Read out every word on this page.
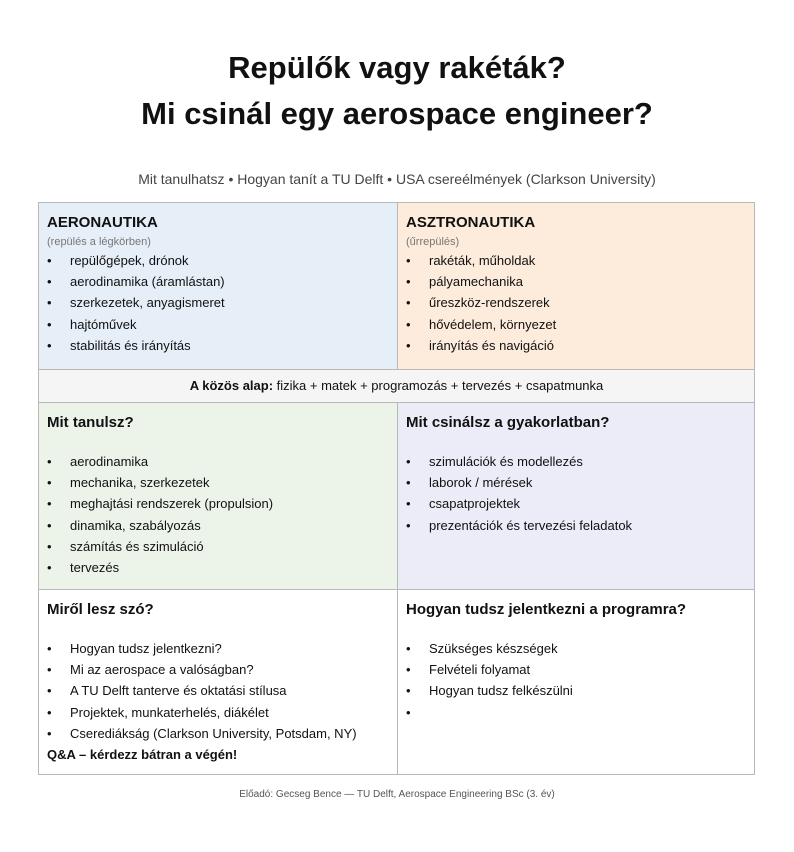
Repülők vagy rakéták?
Mi csinál egy aerospace engineer?
Mit tanulhatsz • Hogyan tanít a TU Delft • USA csereélmények (Clarkson University)
AERONAUTIKA
(repülés a légkörben)
• repülőgépek, drónok
• aerodinamika (áramlástan)
• szerkezetek, anyagismeret
• hajtóművek
• stabilitás és irányítás
ASZTRONAUTIKA
(űrrepülés)
• rakéták, műholdak
• pályamechanika
• űreszköz-rendszerek
• hővédelem, környezet
• irányítás és navigáció
A közös alap: fizika + matek + programozás + tervezés + csapatmunka
Mit tanulsz?
• aerodinamika
• mechanika, szerkezetek
• meghajtási rendszerek (propulsion)
• dinamika, szabályozás
• számítás és szimuláció
• tervezés
Mit csinálsz a gyakorlatban?
• szimulációk és modellezés
• laborok / mérések
• csapatprojektek
• prezentációk és tervezési feladatok
Miről lesz szó?
• Hogyan tudsz jelentkezni?
• Mi az aerospace a valóságban?
• A TU Delft tanterve és oktatási stílusa
• Projektek, munkaterhelés, diákélet
• Cserediákság (Clarkson University, Potsdam, NY)
Q&A – kérdezz bátran a végén!
Hogyan tudsz jelentkezni a programra?
• Szükséges készségek
• Felvételi folyamat
• Hogyan tudsz felkészülni
•
Előadó: Gecseg Bence — TU Delft, Aerospace Engineering BSc (3. év)
